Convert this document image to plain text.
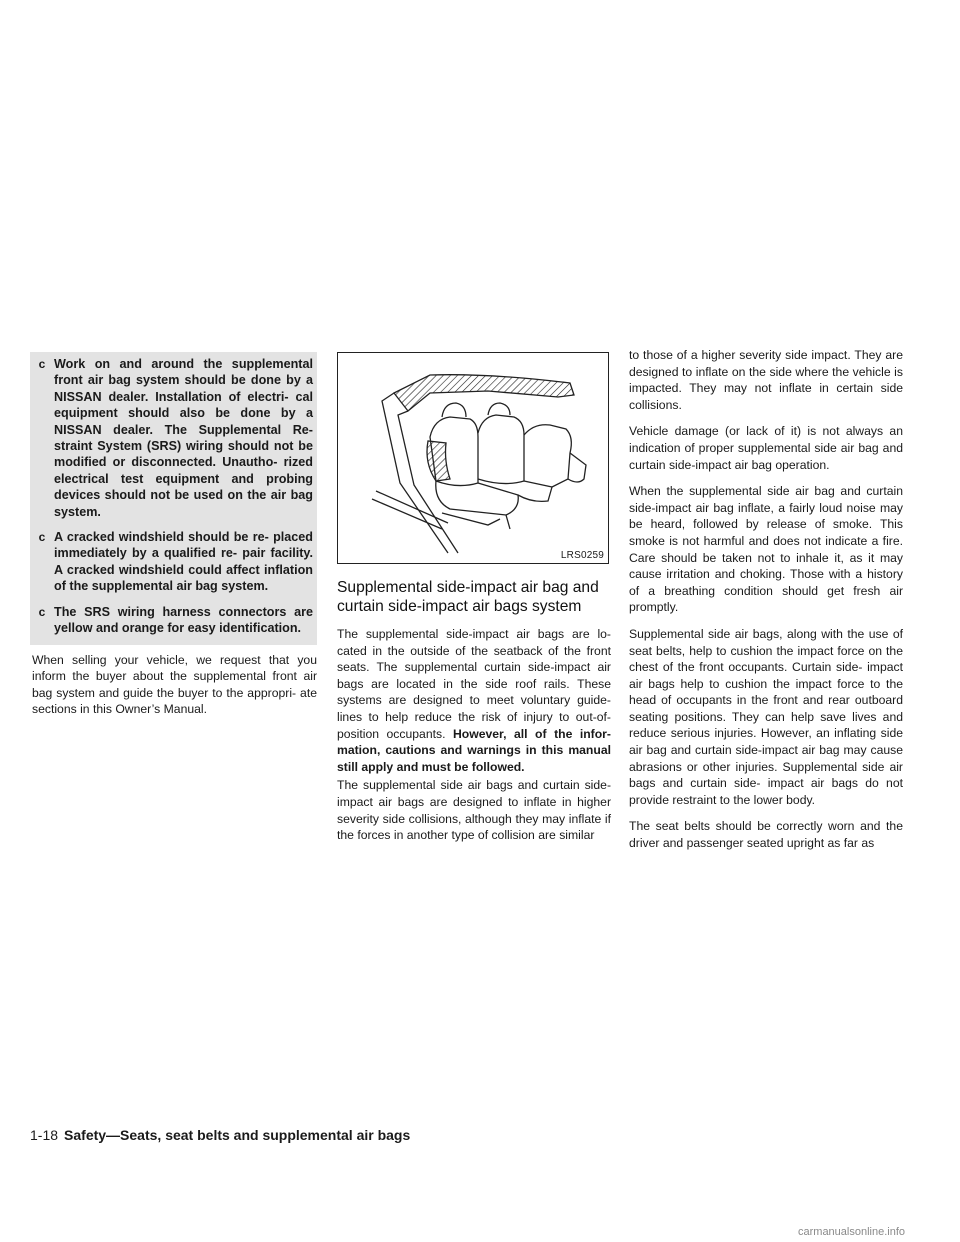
c Work on and around the supplemental front air bag system should be done by a NISSAN dealer. Installation of electri- cal equipment should also be done by a NISSAN dealer. The Supplemental Re- straint System (SRS) wiring should not be modified or disconnected. Unautho- rized electrical test equipment and probing devices should not be used on the air bag system.
c A cracked windshield should be re- placed immediately by a qualified re- pair facility. A cracked windshield could affect inflation of the supplemental air bag system.
c The SRS wiring harness connectors are yellow and orange for easy identification.

When selling your vehicle, we request that you inform the buyer about the supplemental front air bag system and guide the buyer to the appropri- ate sections in this Owner’s Manual.

LRS0259
Supplemental side-impact air bag and curtain side-impact air bags system

The supplemental side-impact air bags are lo- cated in the outside of the seatback of the front seats. The supplemental curtain side-impact air bags are located in the side roof rails. These systems are designed to meet voluntary guide- lines to help reduce the risk of injury to out-of- position occupants. However, all of the infor- mation, cautions and warnings in this manual still apply and must be followed.

The supplemental side air bags and curtain side- impact air bags are designed to inflate in higher severity side collisions, although they may inflate if the forces in another type of collision are similar

to those of a higher severity side impact. They are designed to inflate on the side where the vehicle is impacted. They may not inflate in certain side collisions.

Vehicle damage (or lack of it) is not always an indication of proper supplemental side air bag and curtain side-impact air bag operation.

When the supplemental side air bag and curtain side-impact air bag inflate, a fairly loud noise may be heard, followed by release of smoke. This smoke is not harmful and does not indicate a fire. Care should be taken not to inhale it, as it may cause irritation and choking. Those with a history of a breathing condition should get fresh air promptly.

Supplemental side air bags, along with the use of seat belts, help to cushion the impact force on the chest of the front occupants. Curtain side- impact air bags help to cushion the impact force to the head of occupants in the front and rear outboard seating positions. They can help save lives and reduce serious injuries. However, an inflating side air bag and curtain side-impact air bag may cause abrasions or other injuries. Supplemental side air bags and curtain side- impact air bags do not provide restraint to the lower body.

The seat belts should be correctly worn and the driver and passenger seated upright as far as

1-18 Safety—Seats, seat belts and supplemental air bags
carmanualsonline.info
